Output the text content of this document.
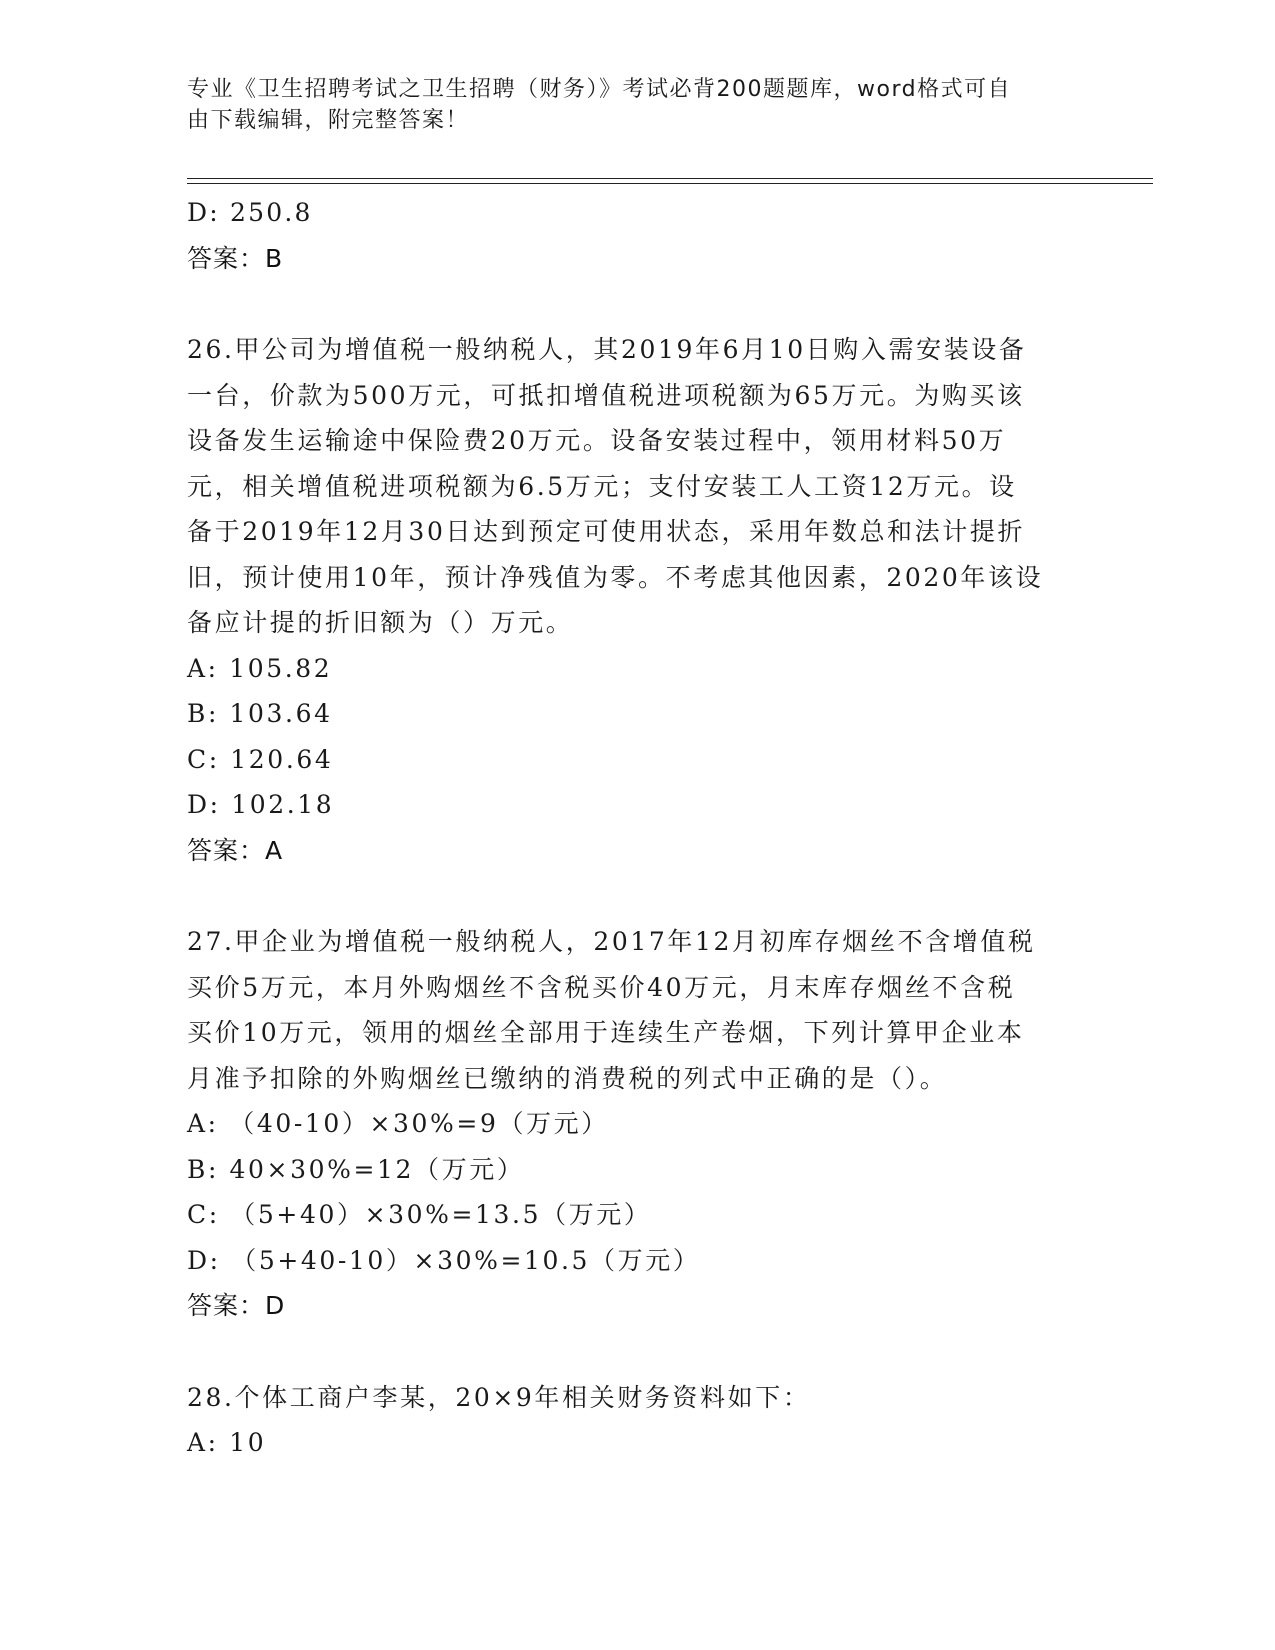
专业《卫生招聘考试之卫生招聘（财务）》考试必背200题题库，word格式可自
由下载编辑，附完整答案！
D: 250.8
答案：B
26.甲公司为增值税一般纳税人，其2019年6月10日购入需安装设备
一台，价款为500万元，可抵扣增值税进项税额为65万元。为购买该
设备发生运输途中保险费20万元。设备安装过程中，领用材料50万
元，相关增值税进项税额为6.5万元；支付安装工人工资12万元。设
备于2019年12月30日达到预定可使用状态，采用年数总和法计提折
旧，预计使用10年，预计净残值为零。不考虑其他因素，2020年该设
备应计提的折旧额为（）万元。
A: 105.82
B: 103.64
C: 120.64
D: 102.18
答案：A
27.甲企业为增值税一般纳税人，2017年12月初库存烟丝不含增值税
买价5万元，本月外购烟丝不含税买价40万元，月末库存烟丝不含税
买价10万元，领用的烟丝全部用于连续生产卷烟，下列计算甲企业本
月准予扣除的外购烟丝已缴纳的消费税的列式中正确的是（）。
A: （40-10）×30%=9（万元）
B: 40×30%=12（万元）
C: （5+40）×30%=13.5（万元）
D: （5+40-10）×30%=10.5（万元）
答案：D
28.个体工商户李某，20×9年相关财务资料如下：
A: 10
